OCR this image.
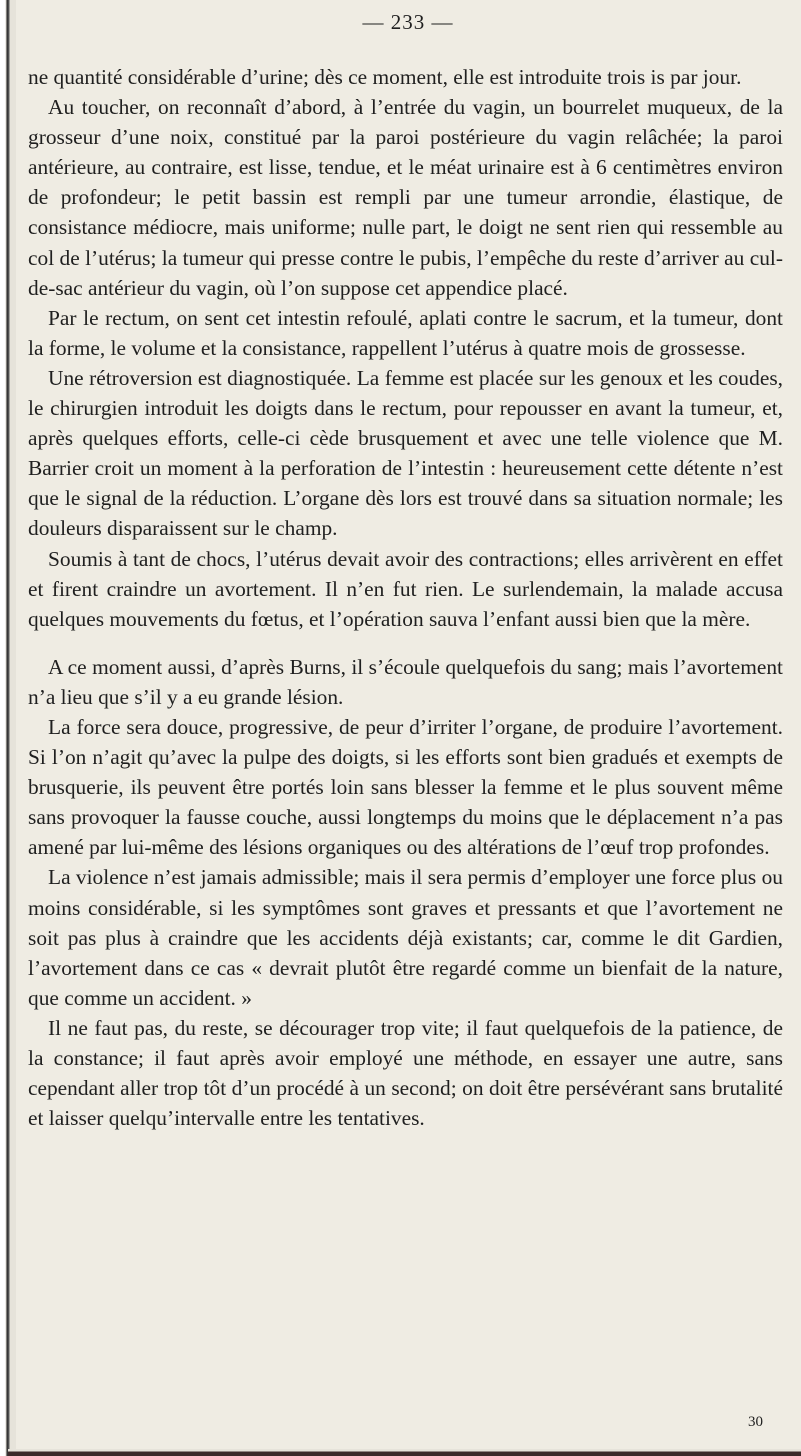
— 233 —

ne quantité considérable d’urine; dès ce moment, elle est introduite trois is par jour.

Au toucher, on reconnaît d’abord, à l’entrée du vagin, un bourrelet muqueux, de la grosseur d’une noix, constitué par la paroi postérieure du vagin relâchée; la paroi antérieure, au contraire, est lisse, tendue, et le méat urinaire est à 6 centimètres environ de profondeur; le petit bassin est rempli par une tumeur arrondie, élastique, de consistance médiocre, mais uniforme; nulle part, le doigt ne sent rien qui ressemble au col de l’utérus; la tumeur qui presse contre le pubis, l’empêche du reste d’arriver au cul-de-sac antérieur du vagin, où l’on suppose cet appendice placé.

Par le rectum, on sent cet intestin refoulé, aplati contre le sacrum, et la tumeur, dont la forme, le volume et la consistance, rappellent l’utérus à quatre mois de grossesse.

Une rétroversion est diagnostiquée. La femme est placée sur les genoux et les coudes, le chirurgien introduit les doigts dans le rectum, pour repousser en avant la tumeur, et, après quelques efforts, celle-ci cède brusquement et avec une telle violence que M. Barrier croit un moment à la perforation de l’intestin : heureusement cette détente n’est que le signal de la réduction. L’organe dès lors est trouvé dans sa situation normale; les douleurs disparaissent sur le champ.

Soumis à tant de chocs, l’utérus devait avoir des contractions; elles arrivèrent en effet et firent craindre un avortement. Il n’en fut rien. Le surlendemain, la malade accusa quelques mouvements du fœtus, et l’opération sauva l’enfant aussi bien que la mère.

A ce moment aussi, d’après Burns, il s’écoule quelquefois du sang; mais l’avortement n’a lieu que s’il y a eu grande lésion.

La force sera douce, progressive, de peur d’irriter l’organe, de produire l’avortement. Si l’on n’agit qu’avec la pulpe des doigts, si les efforts sont bien gradués et exempts de brusquerie, ils peuvent être portés loin sans blesser la femme et le plus souvent même sans provoquer la fausse couche, aussi longtemps du moins que le déplacement n’a pas amené par lui-même des lésions organiques ou des altérations de l’œuf trop profondes.

La violence n’est jamais admissible; mais il sera permis d’employer une force plus ou moins considérable, si les symptômes sont graves et pressants et que l’avortement ne soit pas plus à craindre que les accidents déjà existants; car, comme le dit Gardien, l’avortement dans ce cas « devrait plutôt être regardé comme un bienfait de la nature, que comme un accident. »

Il ne faut pas, du reste, se décourager trop vite; il faut quelquefois de la patience, de la constance; il faut après avoir employé une méthode, en essayer une autre, sans cependant aller trop tôt d’un procédé à un second; on doit être persévérant sans brutalité et laisser quelqu’intervalle entre les tentatives.

30
